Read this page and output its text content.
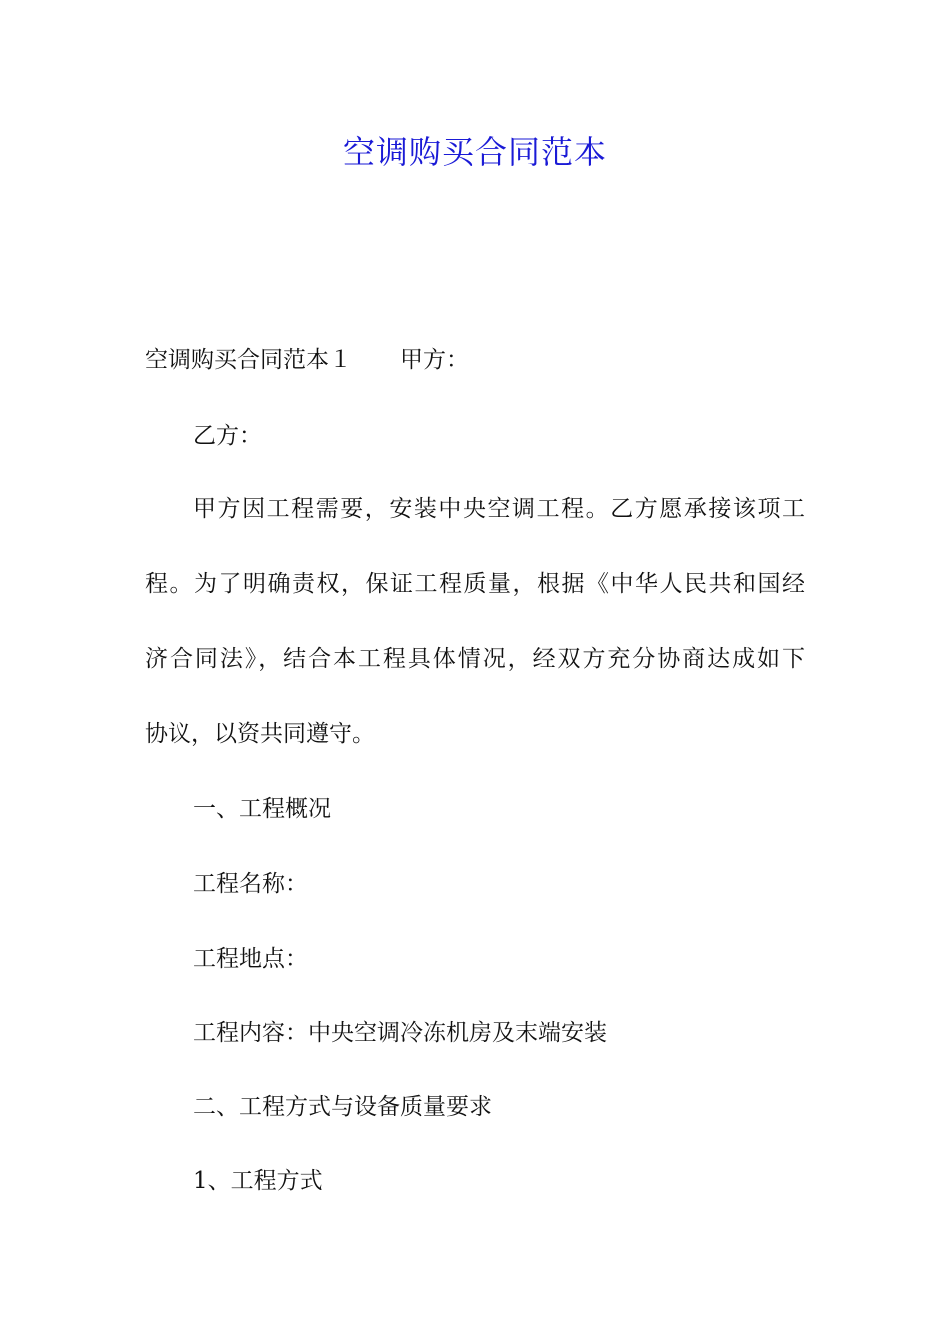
空调购买合同范本
空调购买合同范本１ 甲方：
乙方：
甲方因工程需要，安装中央空调工程。乙方愿承接该项工
程。为了明确责权，保证工程质量，根据《中华人民共和国经
济合同法》，结合本工程具体情况，经双方充分协商达成如下
协议，以资共同遵守。
一、工程概况
工程名称：
工程地点：
工程内容：中央空调冷冻机房及末端安装
二、工程方式与设备质量要求
1、工程方式
